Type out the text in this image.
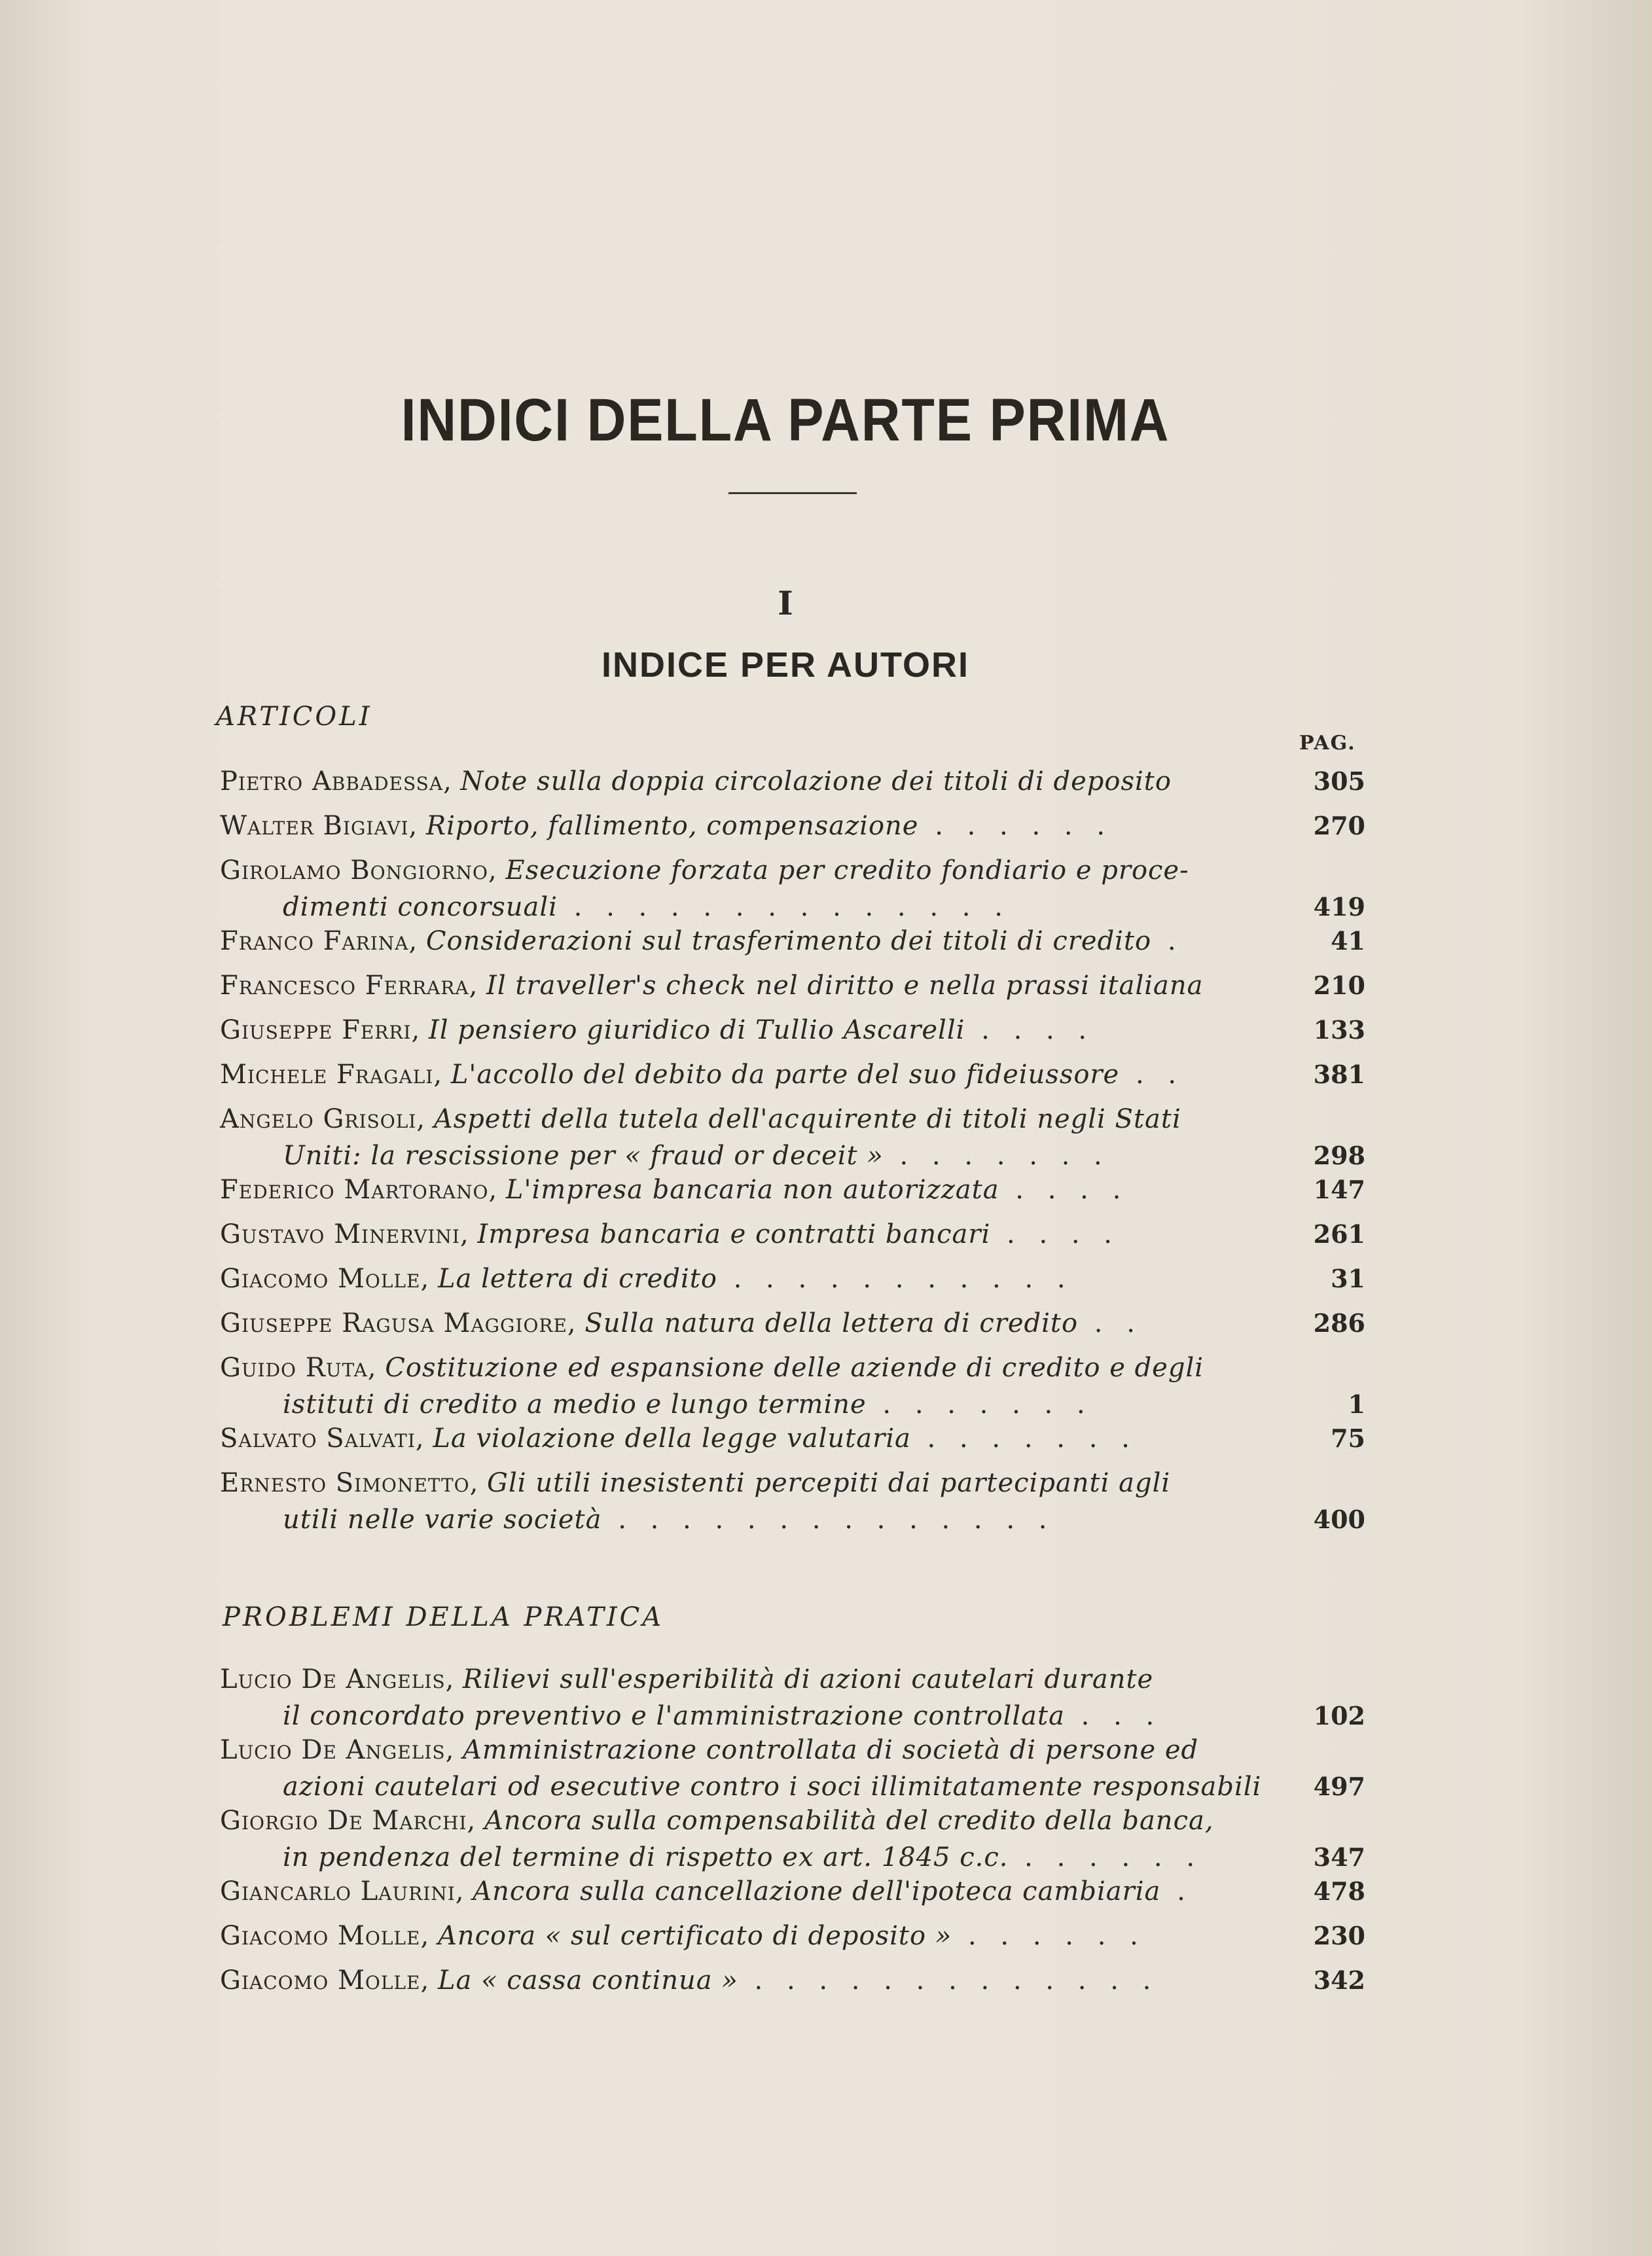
INDICI DELLA PARTE PRIMA
I
INDICE PER AUTORI
ARTICOLI
PAG.
Pietro Abbadessa, Note sulla doppia circolazione dei titoli di deposito	305
Walter Bigiavi, Riporto, fallimento, compensazione . . . . . .	270
Girolamo Bongiorno, Esecuzione forzata per credito fondiario e proce-
dimenti concorsuali . . . . . . . . . . . . . .	419
Franco Farina, Considerazioni sul trasferimento dei titoli di credito .	41
Francesco Ferrara, Il traveller's check nel diritto e nella prassi italiana	210
Giuseppe Ferri, Il pensiero giuridico di Tullio Ascarelli . . . .	133
Michele Fragali, L'accollo del debito da parte del suo fideiussore . .	381
Angelo Grisoli, Aspetti della tutela dell'acquirente di titoli negli Stati
Uniti: la rescissione per « fraud or deceit » . . . . . . .	298
Federico Martorano, L'impresa bancaria non autorizzata . . . .	147
Gustavo Minervini, Impresa bancaria e contratti bancari . . . .	261
Giacomo Molle, La lettera di credito . . . . . . . . . . .	31
Giuseppe Ragusa Maggiore, Sulla natura della lettera di credito . .	286
Guido Ruta, Costituzione ed espansione delle aziende di credito e degli
istituti di credito a medio e lungo termine . . . . . . .	1
Salvato Salvati, La violazione della legge valutaria . . . . . . .	75
Ernesto Simonetto, Gli utili inesistenti percepiti dai partecipanti agli
utili nelle varie società . . . . . . . . . . . . . .	400
PROBLEMI DELLA PRATICA
Lucio De Angelis, Rilievi sull'esperibilità di azioni cautelari durante
il concordato preventivo e l'amministrazione controllata . . .	102
Lucio De Angelis, Amministrazione controllata di società di persone ed
azioni cautelari od esecutive contro i soci illimitatamente responsabili 497
Giorgio De Marchi, Ancora sulla compensabilità del credito della banca,
in pendenza del termine di rispetto ex art. 1845 c.c. . . . . . .	347
Giancarlo Laurini, Ancora sulla cancellazione dell'ipoteca cambiaria .	478
Giacomo Molle, Ancora « sul certificato di deposito » . . . . . .	230
Giacomo Molle, La « cassa continua » . . . . . . . . . . . . .	342
